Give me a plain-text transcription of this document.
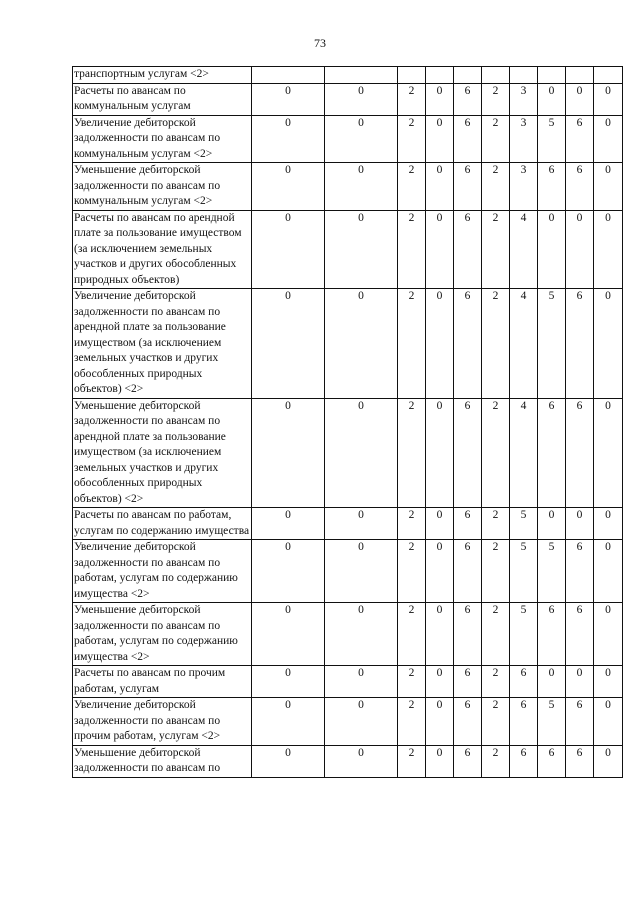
73
транспортным услугам <2>										
Расчеты по авансам по коммунальным услугам	0	0	2	0	6	2	3	0	0	0
Увеличение дебиторской задолженности по авансам по коммунальным услугам <2>	0	0	2	0	6	2	3	5	6	0
Уменьшение дебиторской задолженности по авансам по коммунальным услугам <2>	0	0	2	0	6	2	3	6	6	0
Расчеты по авансам по арендной плате за пользование имуществом (за исключением земельных участков и других обособленных природных объектов)	0	0	2	0	6	2	4	0	0	0
Увеличение дебиторской задолженности по авансам по арендной плате за пользование имуществом (за исключением земельных участков и других обособленных природных объектов) <2>	0	0	2	0	6	2	4	5	6	0
Уменьшение дебиторской задолженности по авансам по арендной плате за пользование имуществом (за исключением земельных участков и других обособленных природных объектов) <2>	0	0	2	0	6	2	4	6	6	0
Расчеты по авансам по работам, услугам по содержанию имущества	0	0	2	0	6	2	5	0	0	0
Увеличение дебиторской задолженности по авансам по работам, услугам по содержанию имущества <2>	0	0	2	0	6	2	5	5	6	0
Уменьшение дебиторской задолженности по авансам по работам, услугам по содержанию имущества <2>	0	0	2	0	6	2	5	6	6	0
Расчеты по авансам по прочим работам, услугам	0	0	2	0	6	2	6	0	0	0
Увеличение дебиторской задолженности по авансам по прочим работам, услугам <2>	0	0	2	0	6	2	6	5	6	0
Уменьшение дебиторской задолженности по авансам по	0	0	2	0	6	2	6	6	6	0
